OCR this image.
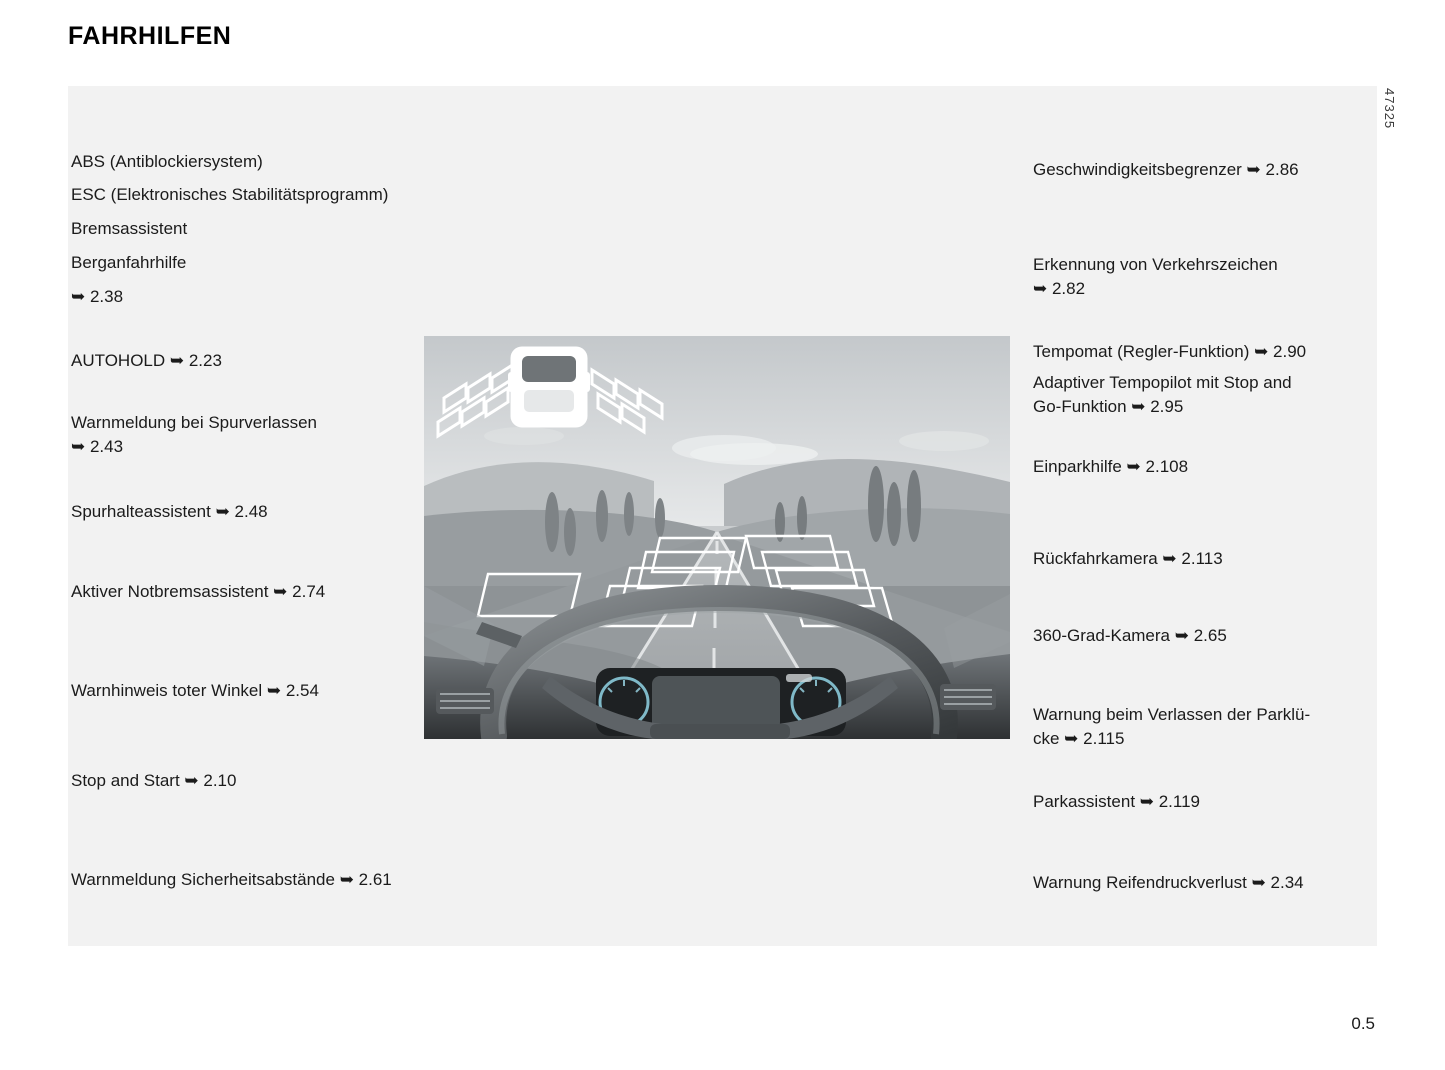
FAHRHILFEN
47325
ABS (Antiblockiersystem)
ESC (Elektronisches Stabilitätsprogramm)
Bremsassistent
Berganfahrhilfe
➥ 2.38
AUTOHOLD ➥ 2.23
Warnmeldung bei Spurverlassen
➥ 2.43
Spurhalteassistent ➥ 2.48
Aktiver Notbremsassistent ➥ 2.74
Warnhinweis toter Winkel ➥ 2.54
Stop and Start ➥ 2.10
Warnmeldung Sicherheitsabstände ➥ 2.61
Geschwindigkeitsbegrenzer ➥ 2.86
Erkennung von Verkehrszeichen
➥ 2.82
Tempomat (Regler-Funktion) ➥ 2.90
Adaptiver Tempopilot mit Stop and
Go-Funktion ➥ 2.95
Einparkhilfe ➥ 2.108
Rückfahrkamera ➥ 2.113
360-Grad-Kamera ➥ 2.65
Warnung beim Verlassen der Parklü-
cke ➥ 2.115
Parkassistent ➥ 2.119
Warnung Reifendruckverlust ➥ 2.34
0.5
